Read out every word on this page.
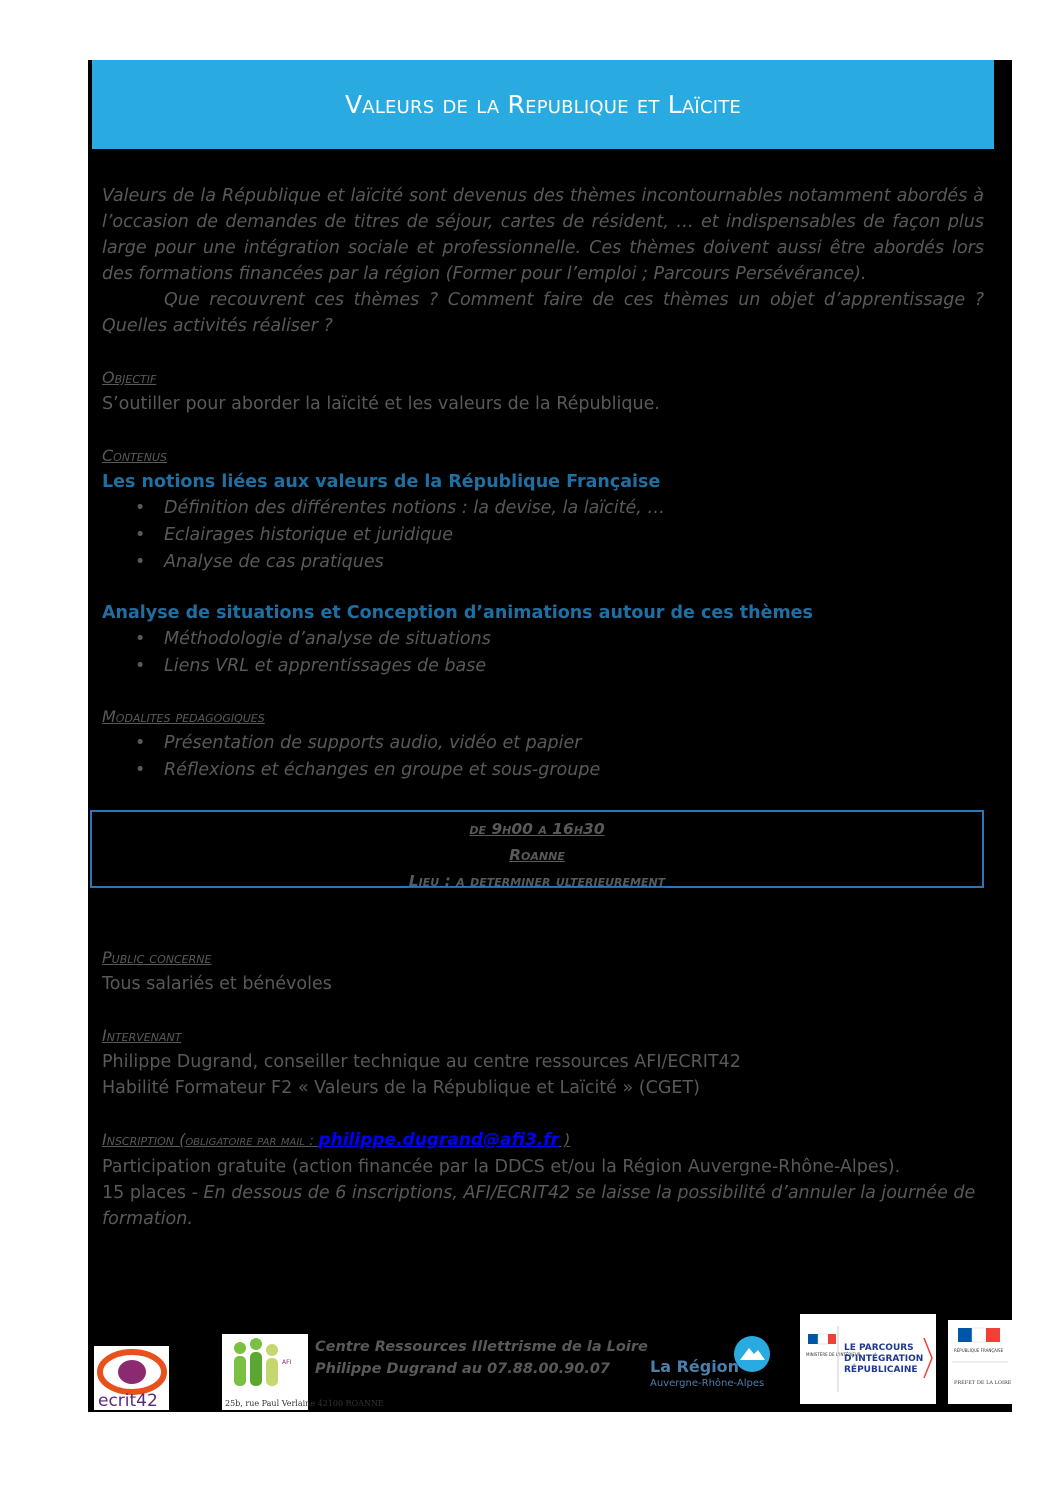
Valeurs de la Republique et Laïcite

Valeurs de la République et laïcité sont devenus des thèmes incontournables notamment abordés à l’occasion de demandes de titres de séjour, cartes de résident, … et indispensables de façon plus large pour une intégration sociale et professionnelle. Ces thèmes doivent aussi être abordés lors des formations financées par la région (Former pour l’emploi ; Parcours Persévérance).

Que recouvrent ces thèmes ? Comment faire de ces thèmes un objet d’apprentissage ? Quelles activités réaliser ?

Objectif

S’outiller pour aborder la laïcité et les valeurs de la République.

Contenus

Les notions liées aux valeurs de la République Française

• Définition des différentes notions : la devise, la laïcité, …
• Eclairages historique et juridique
• Analyse de cas pratiques

Analyse de situations et Conception d’animations autour de ces thèmes

• Méthodologie d’analyse de situations
• Liens VRL et apprentissages de base

Modalites pedagogiques

• Présentation de supports audio, vidéo et papier
• Réflexions et échanges en groupe et sous-groupe
de 9h00 a 16h30
Roanne
Lieu : a determiner ulterieurement

Public concerne

Tous salariés et bénévoles

Intervenant

Philippe Dugrand, conseiller technique au centre ressources AFI/ECRIT42

Habilité Formateur F2 « Valeurs de la République et Laïcité » (CGET)

Inscription (obligatoire par mail : philippe.dugrand@afi3.fr )

Participation gratuite (action financée par la DDCS et/ou la Région Auvergne-Rhône-Alpes).

15 places - En dessous de 6 inscriptions, AFI/ECRIT42 se laisse la possibilité d’annuler la journée de formation.

ecrit42
AFI
25b, rue Paul Verlaine 42100 ROANNE
Centre Ressources Illettrisme de la Loire
Philippe Dugrand au 07.88.00.90.07	La Région
Auvergne-Rhône-Alpes
MINISTÈRE DE L’INTÉRIEUR
LE PARCOURS
D’INTÉGRATION
RÉPUBLICAINE
RÉPUBLIQUE FRANÇAISE
PRÉFET DE LA LOIRE
